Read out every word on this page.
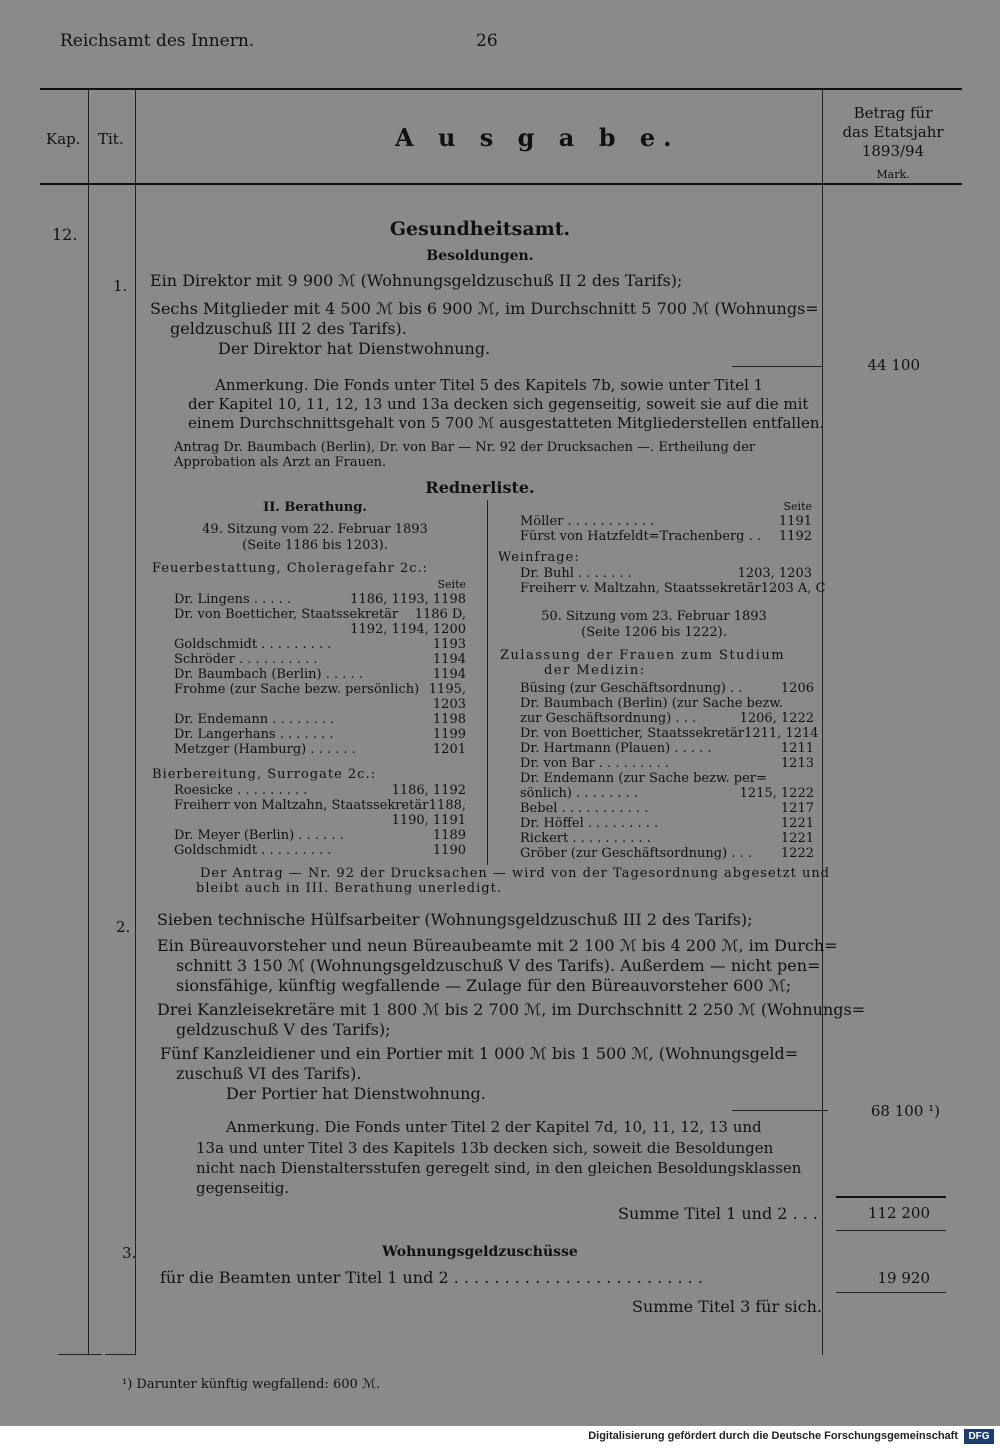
Reichsamt des Innern.	26
Kap. Tit.	A u s g a b e.
Betrag für
das Etatsjahr
1893/94
Mark.
12.	Gesundheitsamt.
Besoldungen.
1. Ein Direktor mit 9 900 ℳ (Wohnungsgeldzuschuß II 2 des Tarifs);
Sechs Mitglieder mit 4 500 ℳ bis 6 900 ℳ, im Durchschnitt 5 700 ℳ (Wohnungs=
geldzuschuß III 2 des Tarifs).
Der Direktor hat Dienstwohnung.
44 100
Anmerkung. Die Fonds unter Titel 5 des Kapitels 7b, sowie unter Titel 1
der Kapitel 10, 11, 12, 13 und 13a decken sich gegenseitig, soweit sie auf die mit
einem Durchschnittsgehalt von 5 700 ℳ ausgestatteten Mitgliederstellen entfallen.
Antrag Dr. Baumbach (Berlin), Dr. von Bar — Nr. 92 der Drucksachen —. Ertheilung der
Approbation als Arzt an Frauen.
Rednerliste.
II. Berathung.
49. Sitzung vom 22. Februar 1893
(Seite 1186 bis 1203).
Feuerbestattung, Choleragefahr 2c.:
Seite
Dr. Lingens . . . . .	1186, 1193, 1198
Dr. von Boetticher, Staatssekretär 1186 D,
1192, 1194, 1200
Goldschmidt . . . . . . . . .	1193
Schröder . . . . . . . . . .	1194
Dr. Baumbach (Berlin) . . . . .	1194
Frohme (zur Sache bezw. persönlich) 1195,
1203
Dr. Endemann . . . . . . . .	1198
Dr. Langerhans . . . . . . .	1199
Metzger (Hamburg) . . . . . .	1201
Bierbereitung, Surrogate 2c.:
Roesicke . . . . . . . . .	1186, 1192
Freiherr von Maltzahn, Staatssekretär 1188,
1190, 1191
Dr. Meyer (Berlin) . . . . . .	1189
Goldschmidt . . . . . . . . .	1190
Seite
Möller . . . . . . . . . . .	1191
Fürst von Hatzfeldt=Trachenberg . . 1192
Weinfrage:
Dr. Buhl . . . . . . .	1203, 1203
Freiherr v. Maltzahn, Staatssekretär 1203 A, C
50. Sitzung vom 23. Februar 1893
(Seite 1206 bis 1222).
Zulassung der Frauen zum Studium
der Medizin:
Büsing (zur Geschäftsordnung) . .	1206
Dr. Baumbach (Berlin) (zur Sache bezw.
zur Geschäftsordnung) . . .	1206, 1222
Dr. von Boetticher, Staatssekretär 1211, 1214
Dr. Hartmann (Plauen) . . . . .	1211
Dr. von Bar . . . . . . . . .	1213
Dr. Endemann (zur Sache bezw. per=
sönlich) . . . . . . . .	1215, 1222
Bebel . . . . . . . . . . .	1217
Dr. Höffel . . . . . . . . .	1221
Rickert . . . . . . . . . .	1221
Gröber (zur Geschäftsordnung) . . . 1222
Der Antrag — Nr. 92 der Drucksachen — wird von der Tagesordnung abgesetzt und
bleibt auch in III. Berathung unerledigt.
2. Sieben technische Hülfsarbeiter (Wohnungsgeldzuschuß III 2 des Tarifs);
Ein Büreauvorsteher und neun Büreaubeamte mit 2 100 ℳ bis 4 200 ℳ, im Durch=
schnitt 3 150 ℳ (Wohnungsgeldzuschuß V des Tarifs). Außerdem — nicht pen=
sionsfähige, künftig wegfallende — Zulage für den Büreauvorsteher 600 ℳ;
Drei Kanzleisekretäre mit 1 800 ℳ bis 2 700 ℳ, im Durchschnitt 2 250 ℳ (Wohnungs=
geldzuschuß V des Tarifs);
Fünf Kanzleidiener und ein Portier mit 1 000 ℳ bis 1 500 ℳ, (Wohnungsgeld=
zuschuß VI des Tarifs).
Der Portier hat Dienstwohnung.
68 100 ¹)
Anmerkung. Die Fonds unter Titel 2 der Kapitel 7d, 10, 11, 12, 13 und
13a und unter Titel 3 des Kapitels 13b decken sich, soweit die Besoldungen
nicht nach Dienstaltersstufen geregelt sind, in den gleichen Besoldungsklassen
gegenseitig.
Summe Titel 1 und 2 . . .	112 200
3.	Wohnungsgeldzuschüsse
für die Beamten unter Titel 1 und 2 . . . . . . . . . . . . . . . . . . . . . . . . .	19 920
Summe Titel 3 für sich.
¹) Darunter künftig wegfallend: 600 ℳ.
Digitalisierung gefördert durch die Deutsche Forschungsgemeinschaft	DFG
